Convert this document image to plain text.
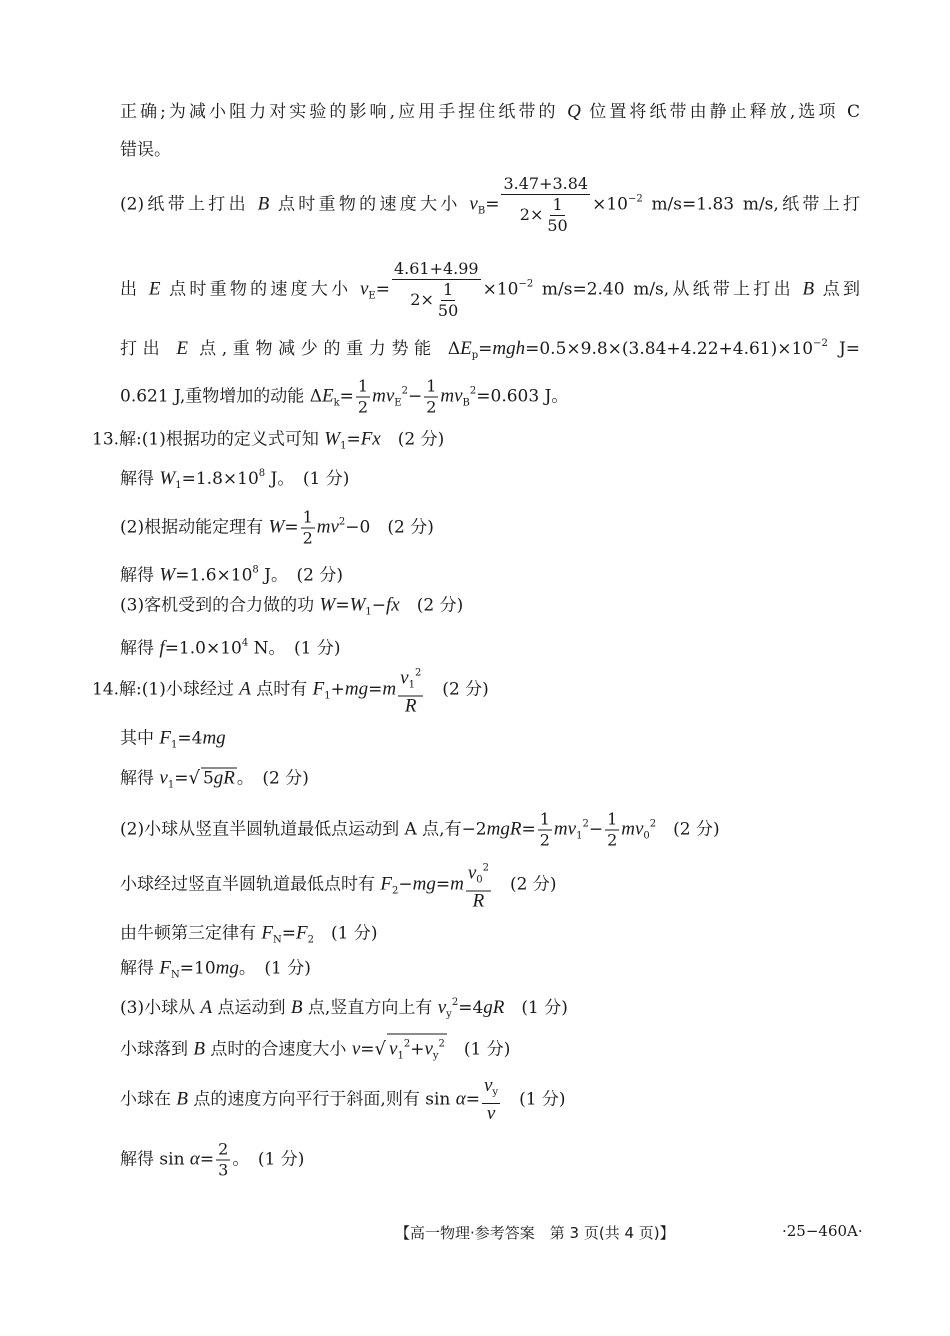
正确;为减小阻力对实验的影响,应用手捏住纸带的 Q 位置将纸带由静止释放,选项 C
错误。
(2)纸带上打出 B 点时重物的速度大小 $v_B= \frac{3.47+3.84}{2\times \frac{1}{50}} \times 10^{-2}$ m/s=1.83 m/s,纸带上打
出 E 点时重物的速度大小 $v_E= \frac{4.61+4.99}{2\times \frac{1}{50}} \times 10^{-2}$ m/s=2.40 m/s,从纸带上打出 B 点到
打出 E 点,重物减少的重力势能 $\Delta E_p=mgh=0.5\times 9.8\times(3.84+4.22+4.61)\times 10^{-2}$ J=
0.621 J,重物增加的动能 $\Delta E_k= \frac{1}{2} mv_E^2- \frac{1}{2} mv_B^2=0.603$ J。
13.解:(1)根据功的定义式可知 $W_1=Fx$　(2 分)
解得 $W_1=1.8\times 10^8$ J。　(1 分)
(2)根据动能定理有 $W= \frac{1}{2} mv^2-0$　(2 分)
解得 $W=1.6\times 10^8$ J。　(2 分)
(3)客机受到的合力做的功 $W=W_1-fx$　(2 分)
解得 $f=1.0\times 10^4$ N。　(1 分)
14.解:(1)小球经过 A 点时有 $F_1+mg=m \frac{v_1^2}{R}$ 　(2 分)
其中 $F_1=4mg$
解得 $v_1=√$ 5gR 。　(2 分)
(2)小球从竖直半圆轨道最低点运动到 A 点,有$-2mgR= \frac{1}{2} mv_1^2- \frac{1}{2} mv_0^2$　(2 分)
小球经过竖直半圆轨道最低点时有 $F_2-mg=m \frac{v_0^2}{R}$ 　(2 分)
由牛顿第三定律有 $F_N=F_2$　(1 分)
解得 $F_N=10mg$。　(1 分)
(3)小球从 A 点运动到 B 点,竖直方向上有 $v_y^2=4gR$　(1 分)
小球落到 B 点时的合速度大小 v=√ $v_1^2+v_y^2$　(1 分)
小球在 B 点的速度方向平行于斜面,则有 $\sin \alpha= \frac{v_y}{v}$ 　(1 分)
解得 $\sin \alpha= \frac{2}{3}$ 。　(1 分)
【高一物理·参考答案　第 3 页(共 4 页)】	·25−460A·
